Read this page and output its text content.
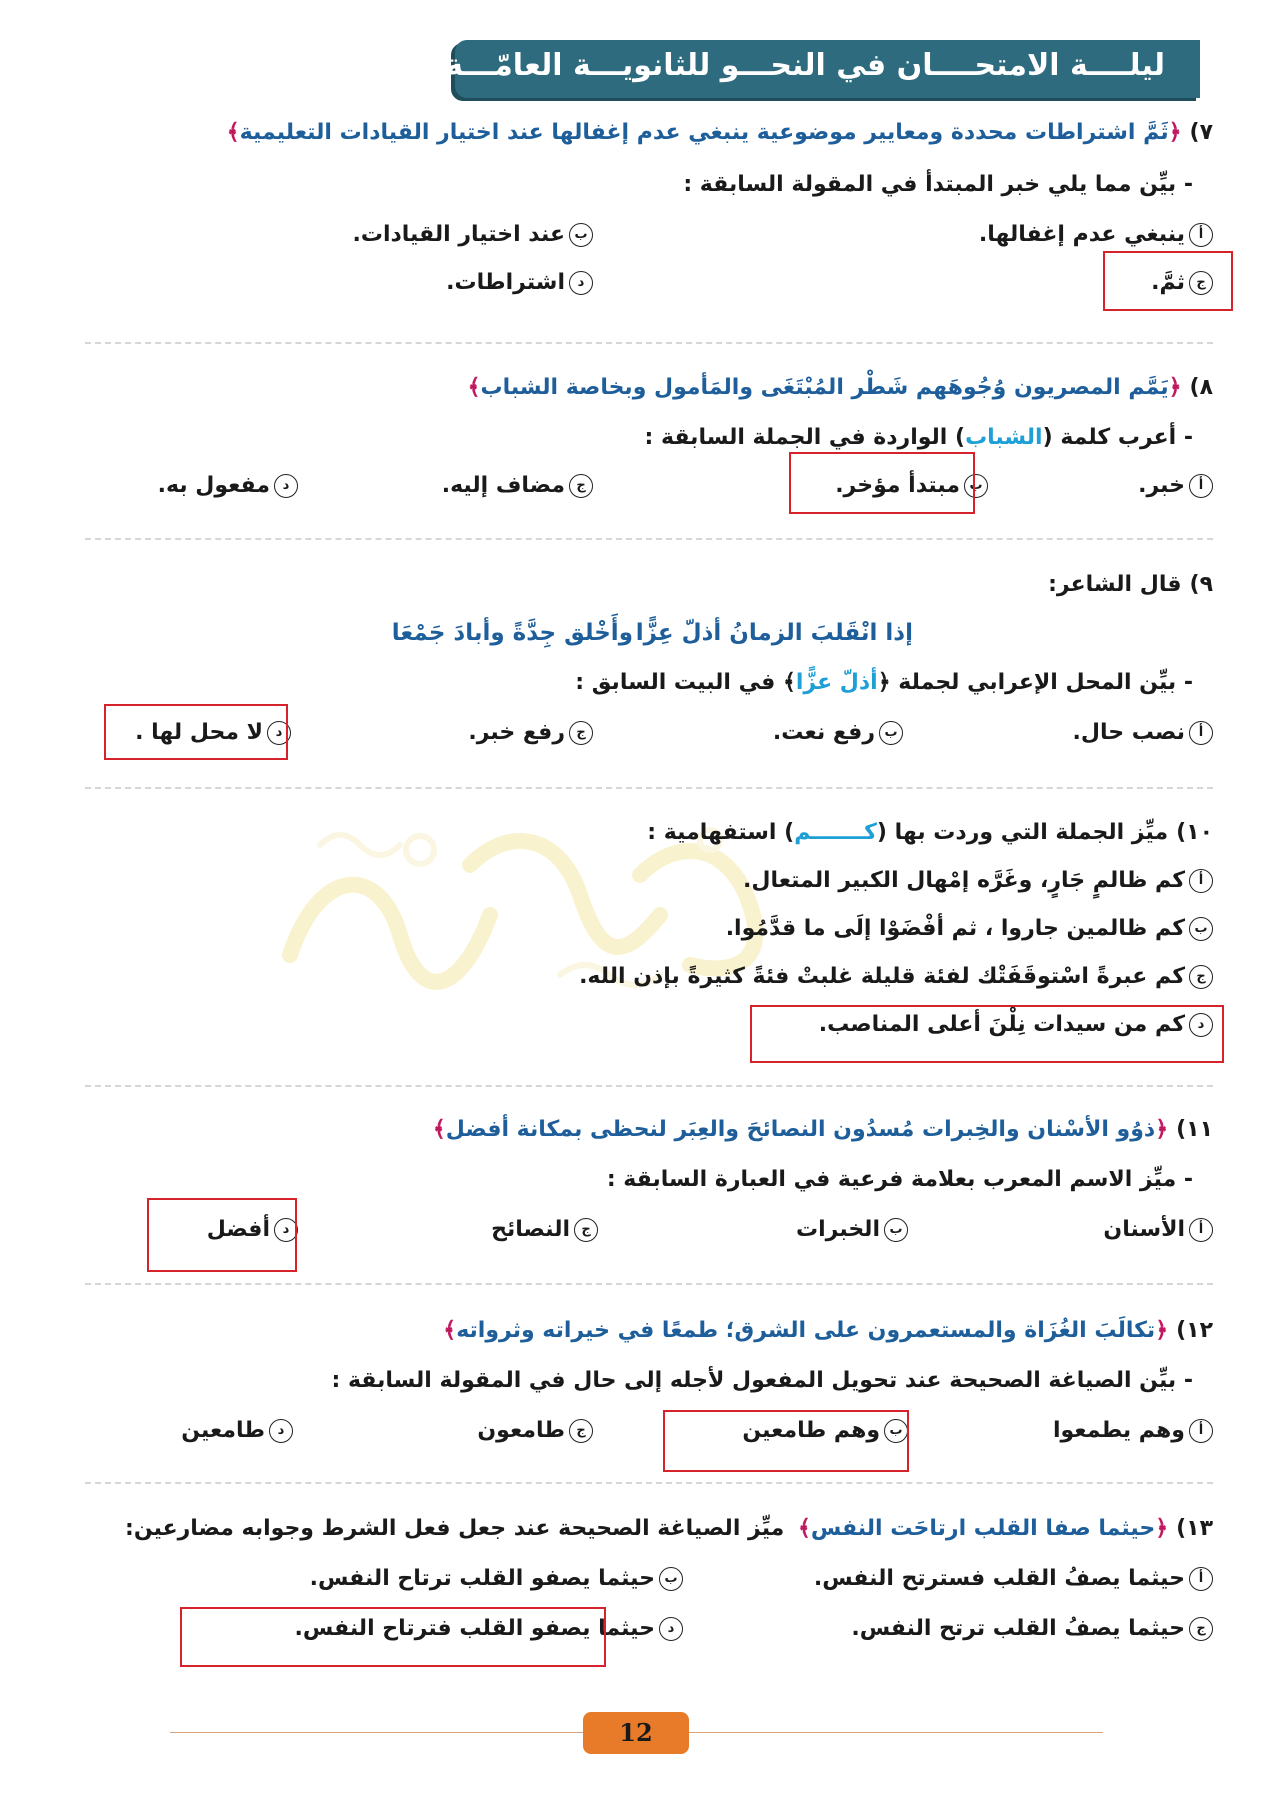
ليلــــة الامتحــــان في النحـــو للثانويـــة العامّـــة
٧)﴿ثَمَّ اشتراطات محددة ومعايير موضوعية ينبغي عدم إغفالها عند اختيار القيادات التعليمية﴾
- بيِّن مما يلي خبر المبتدأ في المقولة السابقة :
أينبغي عدم إغفالها.
بعند اختيار القيادات.
جثمَّ.
داشتراطات.
٨)﴿يَمَّم المصريون وُجُوهَهم شَطْر المُبْتَغَى والمَأمول وبخاصة الشباب﴾
- أعرب كلمة (الشباب) الواردة في الجملة السابقة :
أخبر.
بمبتدأ مؤخر.
جمضاف إليه.
دمفعول به.
٩)قال الشاعر:
إذا انْقَلبَ الزمانُ أذلّ عِزًّا
وأَخْلق جِدَّةً وأبادَ جَمْعَا
- بيِّن المحل الإعرابي لجملة ﴿أذلّ عزًّا﴾ في البيت السابق :
أنصب حال.
برفع نعت.
جرفع خبر.
دلا محل لها .
١٠)ميِّز الجملة التي وردت بها (كـــــــم) استفهامية :
أكم ظالمٍ جَارٍ، وغَرَّه إمْهال الكبير المتعال.
بكم ظالمين جاروا ، ثم أفْضَوْا إلَى ما قدَّمُوا.
جكم عبرةً اسْتوقَفَتْك لفئة قليلة غلبتْ فئةً كثيرةً بإذن الله.
دكم من سيدات نِلْنَ أعلى المناصب.
١١)﴿ذوُو الأسْنان والخِبرات مُسدُون النصائحَ والعِبَر لنحظى بمكانة أفضل﴾
- ميِّز الاسم المعرب بعلامة فرعية في العبارة السابقة :
أالأسنان
بالخبرات
جالنصائح
دأفضل
١٢)﴿تكالَبَ الغُزَاة والمستعمرون على الشرق؛ طمعًا في خيراته وثرواته﴾
- بيِّن الصياغة الصحيحة عند تحويل المفعول لأجله إلى حال في المقولة السابقة :
أوهم يطمعوا
بوهم طامعين
جطامعون
دطامعين
١٣)﴿حيثما صفا القلب ارتاحَت النفس﴾ ميِّز الصياغة الصحيحة عند جعل فعل الشرط وجوابه مضارعين:
أحيثما يصفُ القلب فسترتح النفس.
بحيثما يصفو القلب ترتاح النفس.
جحيثما يصفُ القلب ترتح النفس.
دحيثما يصفو القلب فترتاح النفس.
12
